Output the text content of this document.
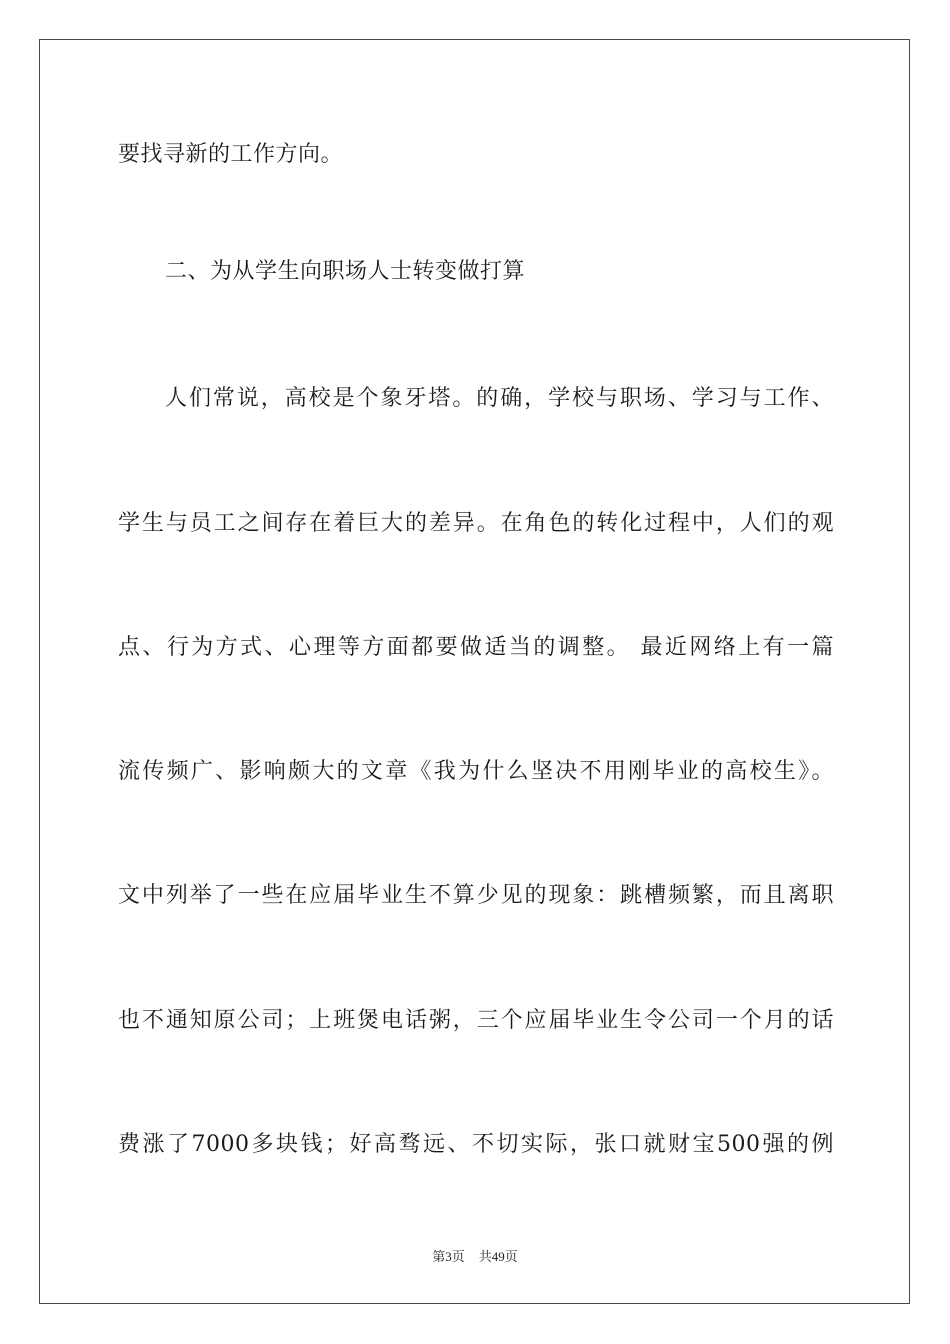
要找寻新的工作方向。
二、为从学生向职场人士转变做打算
人们常说，高校是个象牙塔。的确，学校与职场、学习与工作、
学生与员工之间存在着巨大的差异。在角色的转化过程中，人们的观
点、行为方式、心理等方面都要做适当的调整。 最近网络上有一篇
流传频广、影响颇大的文章《我为什么坚决不用刚毕业的高校生》。
文中列举了一些在应届毕业生不算少见的现象：跳槽频繁，而且离职
也不通知原公司；上班煲电话粥，三个应届毕业生令公司一个月的话
费涨了7000多块钱；好高骛远、不切实际，张口就财宝500强的例
第3页 共49页
